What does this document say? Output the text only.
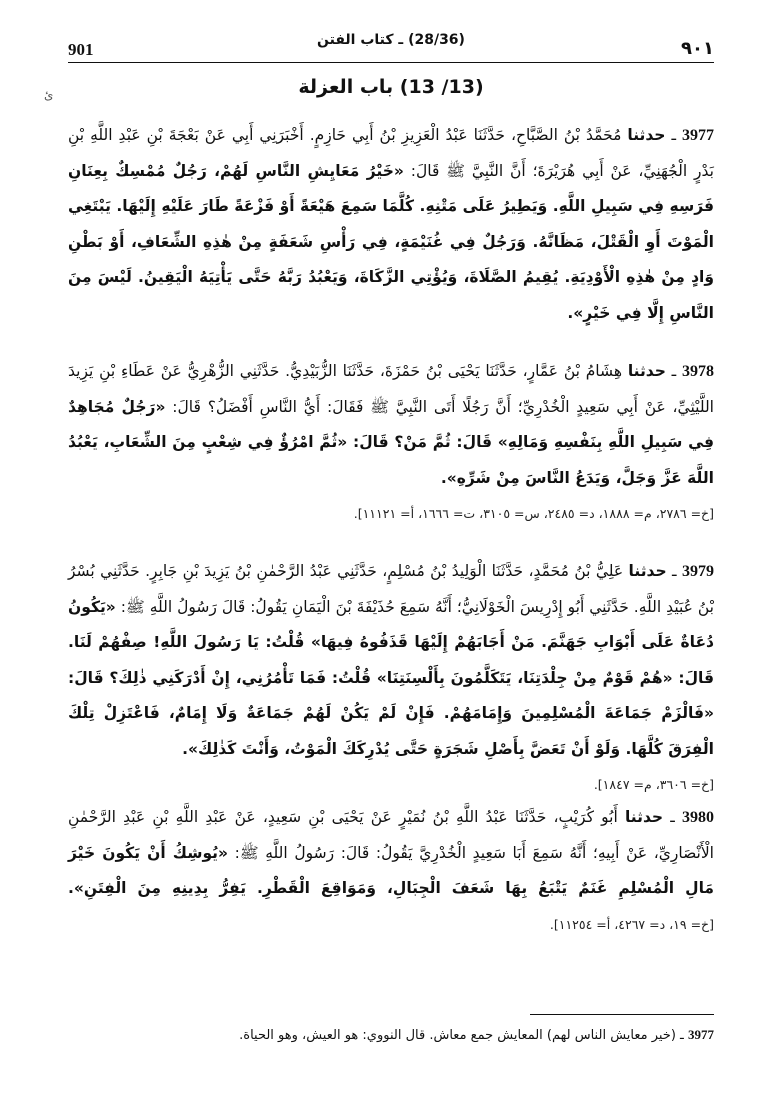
901	(28/36) ـ كتاب الفتن	٩٠١
ﺉ	(13/ 13) باب العزلة

3977 ـ حدثنا مُحَمَّدُ بْنُ الصَّبَّاحِ، حَدَّثَنَا عَبْدُ الْعَزِيزِ بْنُ أَبِي حَازِمٍ. أَخْبَرَنِي أَبِي عَنْ بَعْجَةَ بْنِ عَبْدِ اللَّهِ بْنِ بَدْرٍ الْجُهَنِيِّ، عَنْ أَبِي هُرَيْرَةَ؛ أَنَّ النَّبِيَّ ﷺ قَالَ: «خَيْرُ مَعَايِشِ النَّاسِ لَهُمْ، رَجُلٌ مُمْسِكٌ بِعِنَانِ فَرَسِهِ فِي سَبِيلِ اللَّهِ. وَيَطِيرُ عَلَى مَتْنِهِ. كُلَّمَا سَمِعَ هَيْعَةً أَوْ فَزْعَةً طَارَ عَلَيْهِ إِلَيْهَا. يَبْتَغِي الْمَوْتَ أَوِ الْقَتْلَ، مَظَانَّهُ. وَرَجُلٌ فِي غُنَيْمَةٍ، فِي رَأْسِ شَعَفَةٍ مِنْ هٰذِهِ الشِّعَافِ، أَوْ بَطْنِ وَادٍ مِنْ هٰذِهِ الْأَوْدِيَةِ. يُقِيمُ الصَّلَاةَ، وَيُؤْتِي الزَّكَاةَ، وَيَعْبُدُ رَبَّهُ حَتَّى يَأْتِيَهُ الْيَقِينُ. لَيْسَ مِنَ النَّاسِ إِلَّا فِي خَيْرٍ».

3978 ـ حدثنا هِشَامُ بْنُ عَمَّارٍ، حَدَّثَنَا يَحْيَى بْنُ حَمْزَةَ، حَدَّثَنَا الزُّبَيْدِيُّ. حَدَّثَنِي الزُّهْرِيُّ عَنْ عَطَاءِ بْنِ يَزِيدَ اللَّيْثِيِّ، عَنْ أَبِي سَعِيدٍ الْخُدْرِيِّ؛ أَنَّ رَجُلًا أَتَى النَّبِيَّ ﷺ فَقَالَ: أَيُّ النَّاسِ أَفْضَلُ؟ قَالَ: «رَجُلٌ مُجَاهِدٌ فِي سَبِيلِ اللَّهِ بِنَفْسِهِ وَمَالِهِ» قَالَ: ثُمَّ مَنْ؟ قَالَ: «ثُمَّ امْرُؤٌ فِي شِعْبٍ مِنَ الشِّعَابِ، يَعْبُدُ اللَّهَ عَزَّ وَجَلَّ، وَيَدَعُ النَّاسَ مِنْ شَرِّهِ».
[خ= ٢٧٨٦، م= ١٨٨٨، د= ٢٤٨٥، س= ٣١٠٥، ت= ١٦٦٦، أ= ١١١٢١].

3979 ـ حدثنا عَلِيُّ بْنُ مُحَمَّدٍ، حَدَّثَنَا الْوَلِيدُ بْنُ مُسْلِمٍ، حَدَّثَنِي عَبْدُ الرَّحْمٰنِ بْنُ يَزِيدَ بْنِ جَابِرٍ. حَدَّثَنِي بُسْرُ بْنُ عُبَيْدِ اللَّهِ. حَدَّثَنِي أَبُو إِدْرِيسَ الْخَوْلَانِيُّ؛ أَنَّهُ سَمِعَ حُذَيْفَةَ بْنَ الْيَمَانِ يَقُولُ: قَالَ رَسُولُ اللَّهِ ﷺ: «يَكُونُ دُعَاةٌ عَلَى أَبْوَابِ جَهَنَّمَ. مَنْ أَجَابَهُمْ إِلَيْهَا قَذَفُوهُ فِيهَا» قُلْتُ: يَا رَسُولَ اللَّهِ! صِفْهُمْ لَنَا. قَالَ: «هُمْ قَوْمٌ مِنْ جِلْدَتِنَا، يَتَكَلَّمُونَ بِأَلْسِنَتِنَا» قُلْتُ: فَمَا تَأْمُرُنِي، إِنْ أَدْرَكَنِي ذٰلِكَ؟ قَالَ: «فَالْزَمْ جَمَاعَةَ الْمُسْلِمِينَ وَإِمَامَهُمْ. فَإِنْ لَمْ يَكُنْ لَهُمْ جَمَاعَةٌ وَلَا إِمَامٌ، فَاعْتَزِلْ تِلْكَ الْفِرَقَ كُلَّهَا. وَلَوْ أَنْ تَعَضَّ بِأَصْلِ شَجَرَةٍ حَتَّى يُدْرِكَكَ الْمَوْتُ، وَأَنْتَ كَذٰلِكَ».
[خ= ٣٦٠٦، م= ١٨٤٧].

3980 ـ حدثنا أَبُو كُرَيْبٍ، حَدَّثَنَا عَبْدُ اللَّهِ بْنُ نُمَيْرٍ عَنْ يَحْيَى بْنِ سَعِيدٍ، عَنْ عَبْدِ اللَّهِ بْنِ عَبْدِ الرَّحْمٰنِ الْأَنْصَارِيِّ، عَنْ أَبِيهِ؛ أَنَّهُ سَمِعَ أَبَا سَعِيدٍ الْخُدْرِيَّ يَقُولُ: قَالَ: رَسُولُ اللَّهِ ﷺ: «يُوشِكُ أَنْ يَكُونَ خَيْرَ مَالِ الْمُسْلِمِ غَنَمٌ يَتْبَعُ بِهَا شَعَفَ الْجِبَالِ، وَمَوَاقِعَ الْقَطْرِ. يَفِرُّ بِدِينِهِ مِنَ الْفِتَنِ». [خ= ١٩، د= ٤٢٦٧، أ= ١١٢٥٤].

3977 ـ (خير معايش الناس لهم) المعايش جمع معاش. قال النووي: هو العيش، وهو الحياة.
